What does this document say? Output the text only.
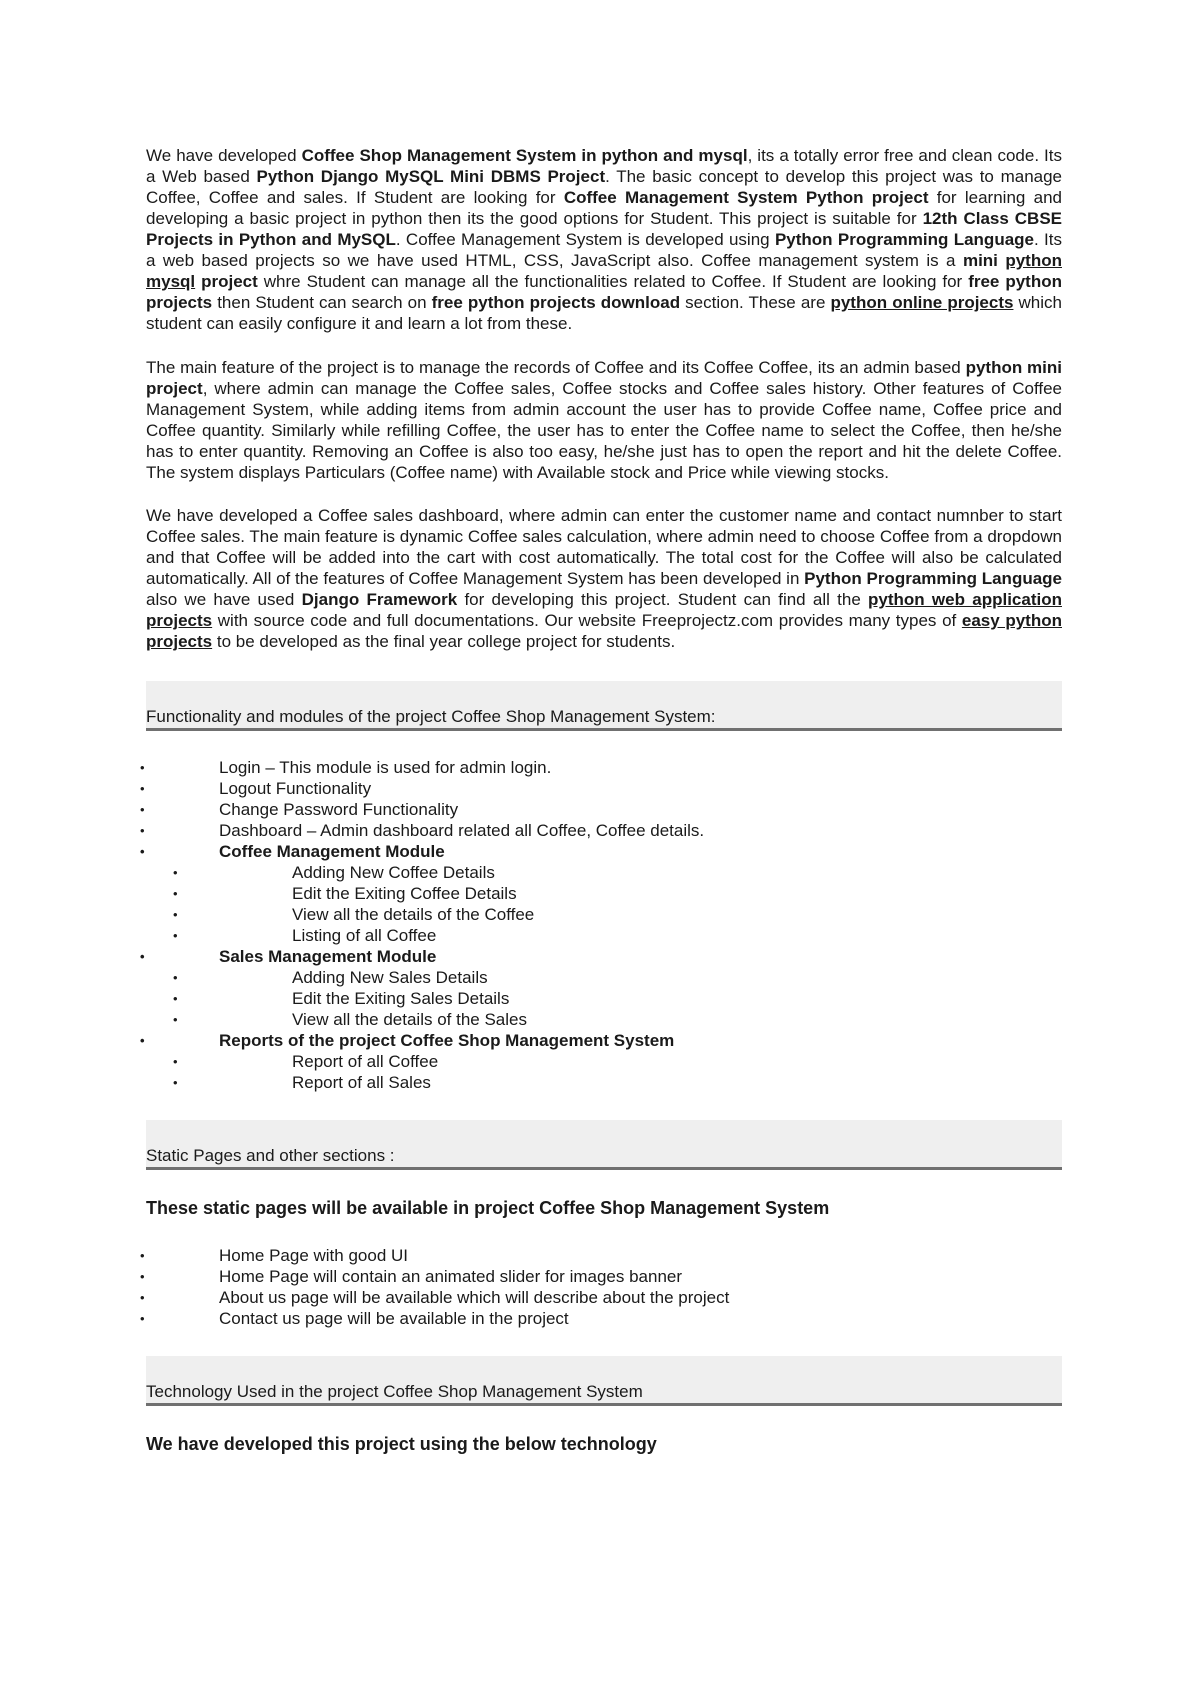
We have developed Coffee Shop Management System in python and mysql, its a totally error free and clean code. Its a Web based Python Django MySQL Mini DBMS Project. The basic concept to develop this project was to manage Coffee, Coffee and sales. If Student are looking for Coffee Management System Python project for learning and developing a basic project in python then its the good options for Student. This project is suitable for 12th Class CBSE Projects in Python and MySQL. Coffee Management System is developed using Python Programming Language. Its a web based projects so we have used HTML, CSS, JavaScript also. Coffee management system is a mini python mysql project whre Student can manage all the functionalities related to Coffee. If Student are looking for free python projects then Student can search on free python projects download section. These are python online projects which student can easily configure it and learn a lot from these.

The main feature of the project is to manage the records of Coffee and its Coffee Coffee, its an admin based python mini project, where admin can manage the Coffee sales, Coffee stocks and Coffee sales history. Other features of Coffee Management System, while adding items from admin account the user has to provide Coffee name, Coffee price and Coffee quantity. Similarly while refilling Coffee, the user has to enter the Coffee name to select the Coffee, then he/she has to enter quantity. Removing an Coffee is also too easy, he/she just has to open the report and hit the delete Coffee. The system displays Particulars (Coffee name) with Available stock and Price while viewing stocks.

We have developed a Coffee sales dashboard, where admin can enter the customer name and contact numnber to start Coffee sales. The main feature is dynamic Coffee sales calculation, where admin need to choose Coffee from a dropdown and that Coffee will be added into the cart with cost automatically. The total cost for the Coffee will also be calculated automatically. All of the features of Coffee Management System has been developed in Python Programming Language also we have used Django Framework for developing this project. Student can find all the python web application projects with source code and full documentations. Our website Freeprojectz.com provides many types of easy python projects to be developed as the final year college project for students.

Functionality and modules of the project Coffee Shop Management System:
• Login – This module is used for admin login.
• Logout Functionality
• Change Password Functionality
• Dashboard – Admin dashboard related all Coffee, Coffee details.
• Coffee Management Module
• Adding New Coffee Details
• Edit the Exiting Coffee Details
• View all the details of the Coffee
• Listing of all Coffee
• Sales Management Module
• Adding New Sales Details
• Edit the Exiting Sales Details
• View all the details of the Sales
• Reports of the project Coffee Shop Management System
• Report of all Coffee
• Report of all Sales
Static Pages and other sections :

These static pages will be available in project Coffee Shop Management System

• Home Page with good UI
• Home Page will contain an animated slider for images banner
• About us page will be available which will describe about the project
• Contact us page will be available in the project
Technology Used in the project Coffee Shop Management System

We have developed this project using the below technology
